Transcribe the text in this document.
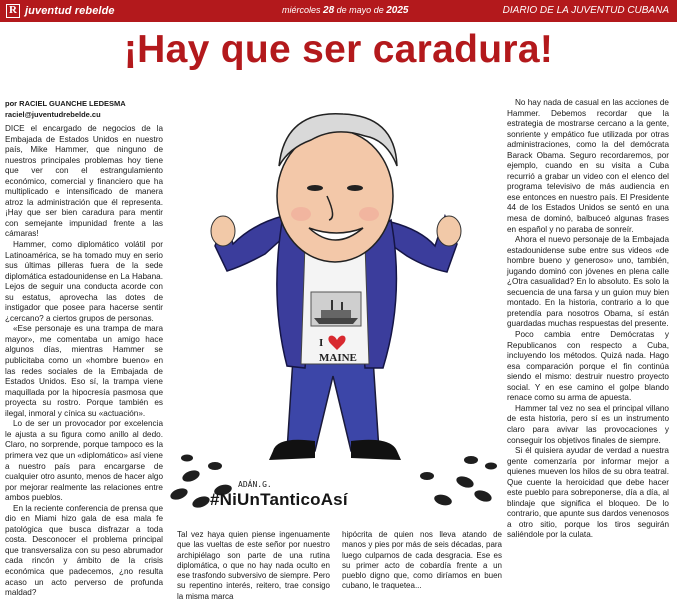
R juventud rebelde	miércoles 28 de mayo de 2025	DIARIO DE LA JUVENTUD CUBANA
¡Hay que ser caradura!
por RACIEL GUANCHE LEDESMA
raciel@juventudrebelde.cu

DICE el encargado de negocios de la Embajada de Estados Unidos en nuestro país, Mike Hammer, que ninguno de nuestros principales problemas hoy tiene que ver con el estrangulamiento económico, comercial y financiero que ha multiplicado e intensificado de manera atroz la administración que él representa. ¡Hay que ser bien caradura para mentir con semejante impunidad frente a las cámaras!

Hammer, como diplomático volátil por Latinoamérica, se ha tomado muy en serio sus últimas pilleras fuera de la sede diplomática estadounidense en La Habana. Lejos de seguir una conducta acorde con su estatus, aprovecha las dotes de instigador que posee para hacerse sentir ¿cercano? a ciertos grupos de personas.

«Ese personaje es una trampa de mara mayor», me comentaba un amigo hace algunos días, mientras Hammer se publicitaba como un «hombre bueno» en las redes sociales de la Embajada de Estados Unidos. Eso sí, la trampa viene maquillada por la hipocresía pasmosa que proyecta su rostro. Porque también es ilegal, inmoral y cínica su «actuación».

Lo de ser un provocador por excelencia le ajusta a su figura como anillo al dedo. Claro, no sorprende, porque tampoco es la primera vez que un «diplomático» así viene a nuestro país para encargarse de cualquier otro asunto, menos de hacer algo por mejorar realmente las relaciones entre ambos pueblos.

En la reciente conferencia de prensa que dio en Miami hizo gala de esa mala fe patológica que busca disfrazar a toda costa. Desconocer el problema principal que transversaliza con su peso abrumador cada rincón y ámbito de la crisis económica que padecemos, ¿no resulta acaso un acto perverso de profunda maldad?

I
MAINE
ADÁN.G.
#NiUnTanticoAsí

Tal vez haya quien piense ingenuamente que las vueltas de este señor por nuestro archipiélago son parte de una rutina diplomática, o que no hay nada oculto en ese trasfondo subversivo de siempre. Pero su repentino interés, reitero, trae consigo la misma marca

hipócrita de quien nos lleva atando de manos y pies por más de seis décadas, para luego culparnos de cada desgracia. Ese es su primer acto de cobardía frente a un pueblo digno que, como diríamos en buen cubano, le traquetea...

No hay nada de casual en las acciones de Hammer. Debemos recordar que la estrategia de mostrarse cercano a la gente, sonriente y empático fue utilizada por otras administraciones, como la del demócrata Barack Obama. Seguro recordaremos, por ejemplo, cuando en su visita a Cuba recurrió a grabar un video con el elenco del programa televisivo de más audiencia en ese entonces en nuestro país. El Presidente 44 de los Estados Unidos se sentó en una mesa de dominó, balbuceó algunas frases en español y no paraba de sonreír.

Ahora el nuevo personaje de la Embajada estadounidense sube entre sus videos «de hombre bueno y generoso» uno, también, jugando dominó con jóvenes en plena calle ¿Otra casualidad? En lo absoluto. Es solo la secuencia de una farsa y un guion muy bien montado. En la historia, contrario a lo que pretendía para nosotros Obama, sí están guardadas muchas respuestas del presente.

Poco cambia entre Demócratas y Republicanos con respecto a Cuba, incluyendo los métodos. Quizá nada. Hago esa comparación porque el fin continúa siendo el mismo: destruir nuestro proyecto social. Y en ese camino el golpe blando renace como su arma de apuesta.

Hammer tal vez no sea el principal villano de esta historia, pero sí es un instrumento claro para avivar las provocaciones y conseguir los objetivos finales de siempre.

Si él quisiera ayudar de verdad a nuestra gente comenzaría por informar mejor a quienes mueven los hilos de su obra teatral. Que cuente la heroicidad que debe hacer este pueblo para sobreponerse, día a día, al blindaje que significa el bloqueo. De lo contrario, que apunte sus dardos venenosos a otro sitio, porque los tiros seguirán saliéndole por la culata.
